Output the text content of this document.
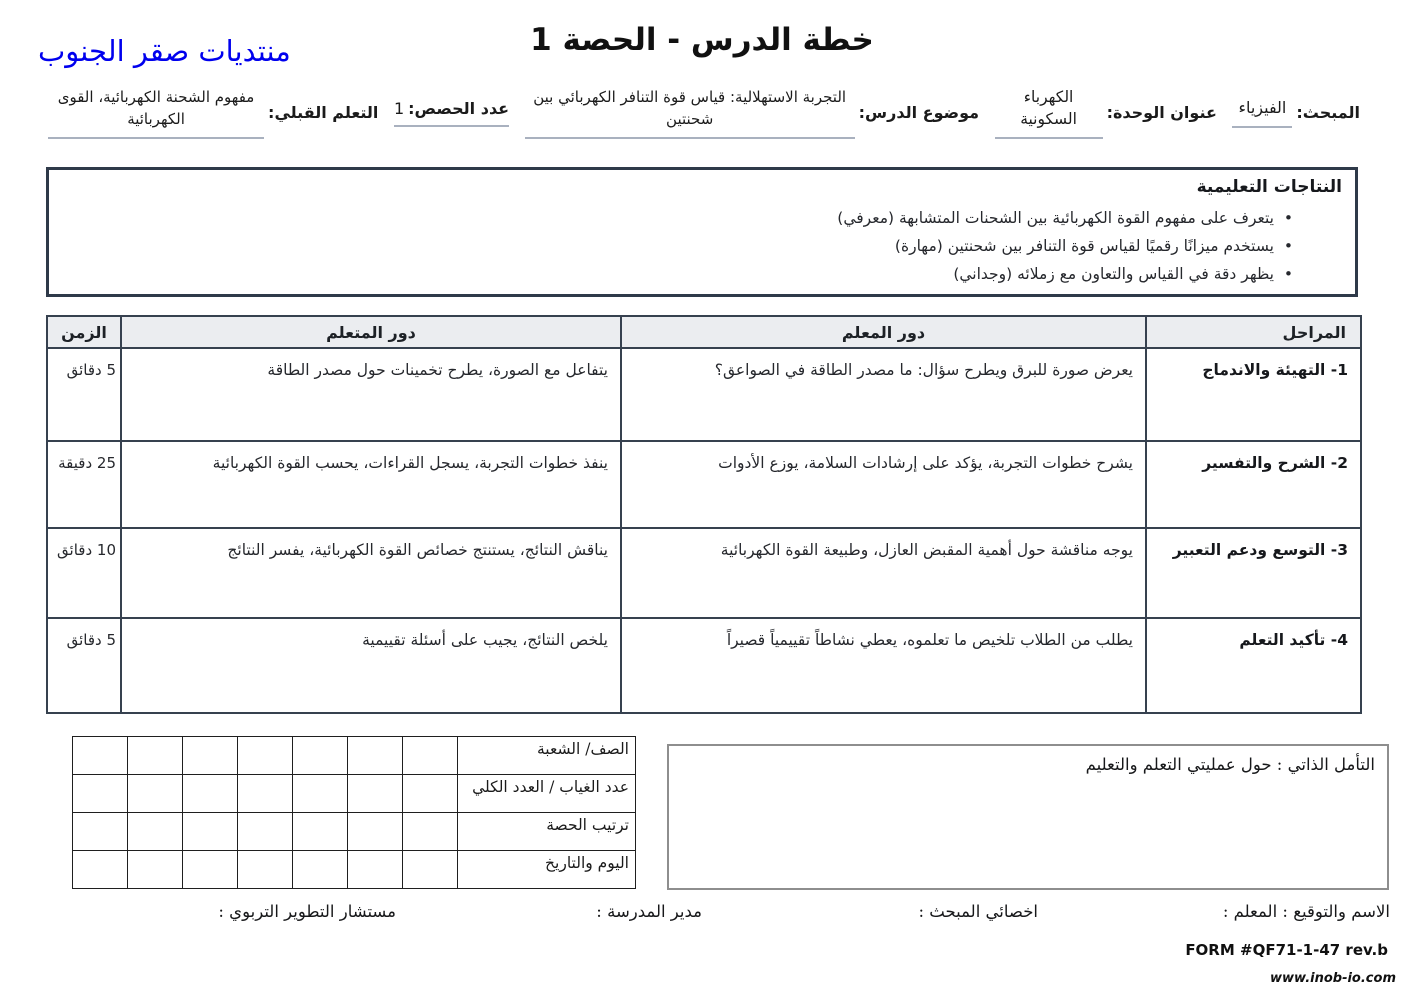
منتديات صقر الجنوب	خطة الدرس - الحصة 1
المبحث:
الفيزياء
عنوان الوحدة:
الكهرباء السكونية
موضوع الدرس:
التجربة الاستهلالية: قياس قوة التنافر الكهربائي بين شحنتين
عدد الحصص:
1
التعلم القبلي:
مفهوم الشحنة الكهربائية، القوى الكهربائية
النتاجات التعليمية
•  يتعرف على مفهوم القوة الكهربائية بين الشحنات المتشابهة (معرفي)
•  يستخدم ميزانًا رقميًا لقياس قوة التنافر بين شحنتين (مهارة)
•  يظهر دقة في القياس والتعاون مع زملائه (وجداني)
المراحل	دور المعلم	دور المتعلم	الزمن
1- التهيئة والاندماج	يعرض صورة للبرق ويطرح سؤال: ما مصدر الطاقة في الصواعق؟	يتفاعل مع الصورة، يطرح تخمينات حول مصدر الطاقة	5 دقائق
2- الشرح والتفسير	يشرح خطوات التجربة، يؤكد على إرشادات السلامة، يوزع الأدوات	ينفذ خطوات التجربة، يسجل القراءات، يحسب القوة الكهربائية	25 دقيقة
3- التوسع ودعم التعبير	يوجه مناقشة حول أهمية المقبض العازل، وطبيعة القوة الكهربائية	يناقش النتائج، يستنتج خصائص القوة الكهربائية، يفسر النتائج	10 دقائق
4- تأكيد التعلم	يطلب من الطلاب تلخيص ما تعلموه، يعطي نشاطاً تقييمياً قصيراً	يلخص النتائج، يجيب على أسئلة تقييمية	5 دقائق
الصف/ الشعبة							
عدد الغياب / العدد الكلي							
ترتيب الحصة							
اليوم والتاريخ							
التأمل الذاتي : حول عمليتي التعلم والتعليم
الاسم والتوقيع : المعلم :
اخصائي المبحث :
مدير المدرسة :
مستشار التطوير التربوي :
FORM #QF71-1-47 rev.b
www.inob-io.com
